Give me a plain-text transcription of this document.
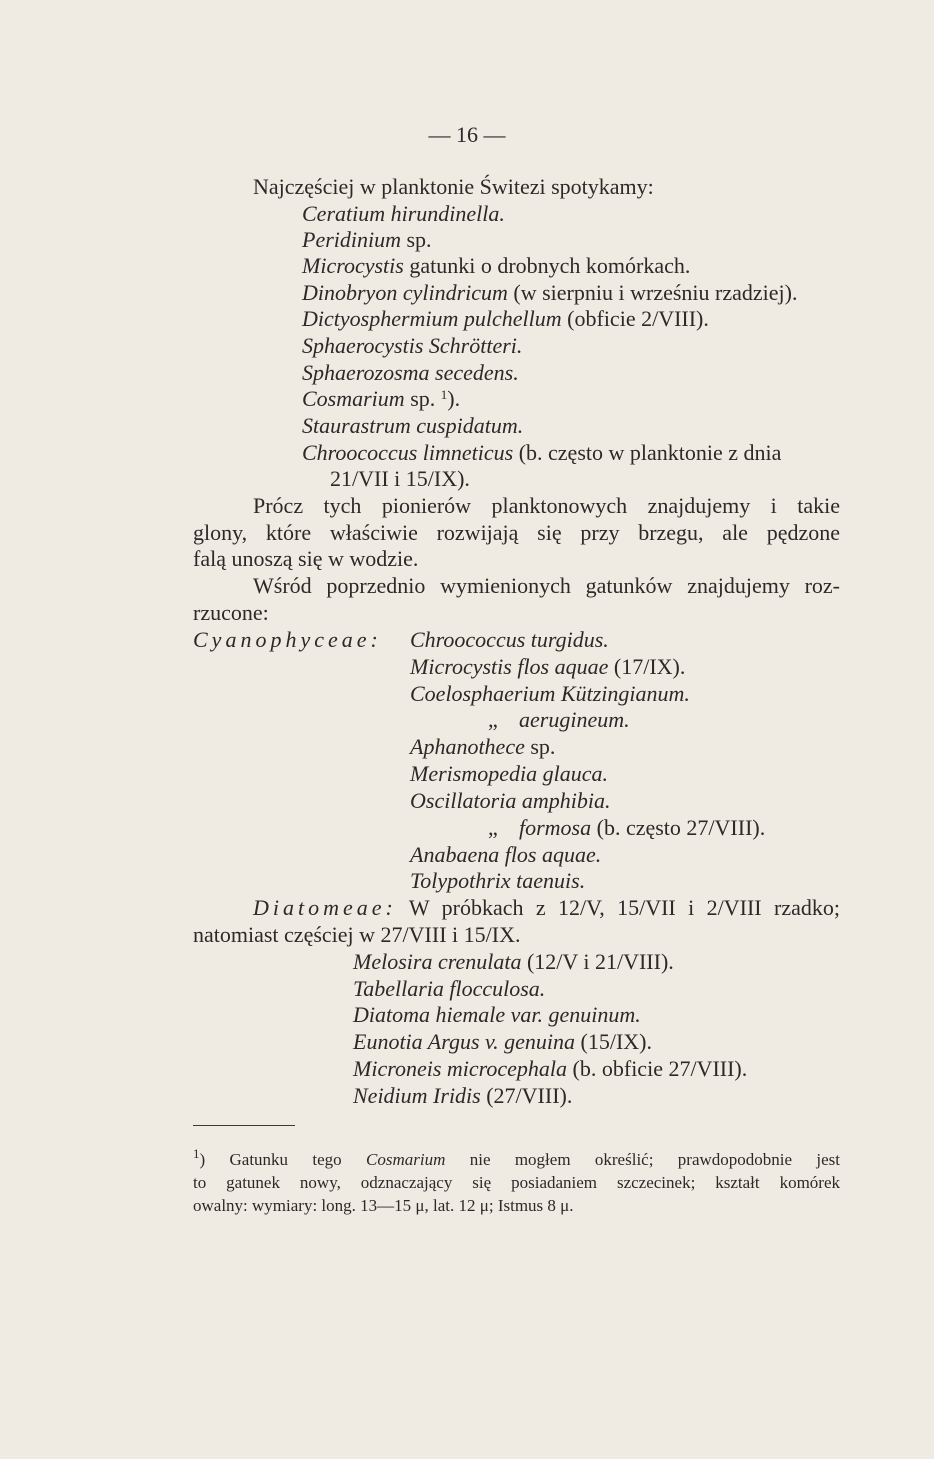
— 16 —
Najczęściej w planktonie Świtezi spotykamy:
Ceratium hirundinella.
Peridinium sp.
Microcystis gatunki o drobnych komórkach.
Dinobryon cylindricum (w sierpniu i wrześniu rzadziej).
Dictyosphermium pulchellum (obficie 2/VIII).
Sphaerocystis Schrötteri.
Sphaerozosma secedens.
Cosmarium sp. $^1$).
Staurastrum cuspidatum.
Chroococcus limneticus (b. często w planktonie z dnia
21/VII i 15/IX).
Prócz tych pionierów planktonowych znajdujemy i takie
glony, które właściwie rozwijają się przy brzegu, ale pędzone
falą unoszą się w wodzie.
Wśród poprzednio wymienionych gatunków znajdujemy roz-
rzucone:
Cyanophyceae: Chroococcus turgidus.
Microcystis flos aquae (17/IX).
Coelosphaerium Kützingianum.
„ aerugineum.
Aphanothece sp.
Merismopedia glauca.
Oscillatoria amphibia.
„ formosa (b. często 27/VIII).
Anabaena flos aquae.
Tolypothrix taenuis.
Diatomeae: W próbkach z 12/V, 15/VII i 2/VIII rzadko;
natomiast częściej w 27/VIII i 15/IX.
Melosira crenulata (12/V i 21/VIII).
Tabellaria flocculosa.
Diatoma hiemale var. genuinum.
Eunotia Argus v. genuina (15/IX).
Microneis microcephala (b. obficie 27/VIII).
Neidium Iridis (27/VIII).
$^1$) Gatunku tego Cosmarium nie mogłem określić; prawdopodobnie jest
to gatunek nowy, odznaczający się posiadaniem szczecinek; kształt komórek
owalny: wymiary: long. 13—15 μ, lat. 12 μ; Istmus 8 μ.
